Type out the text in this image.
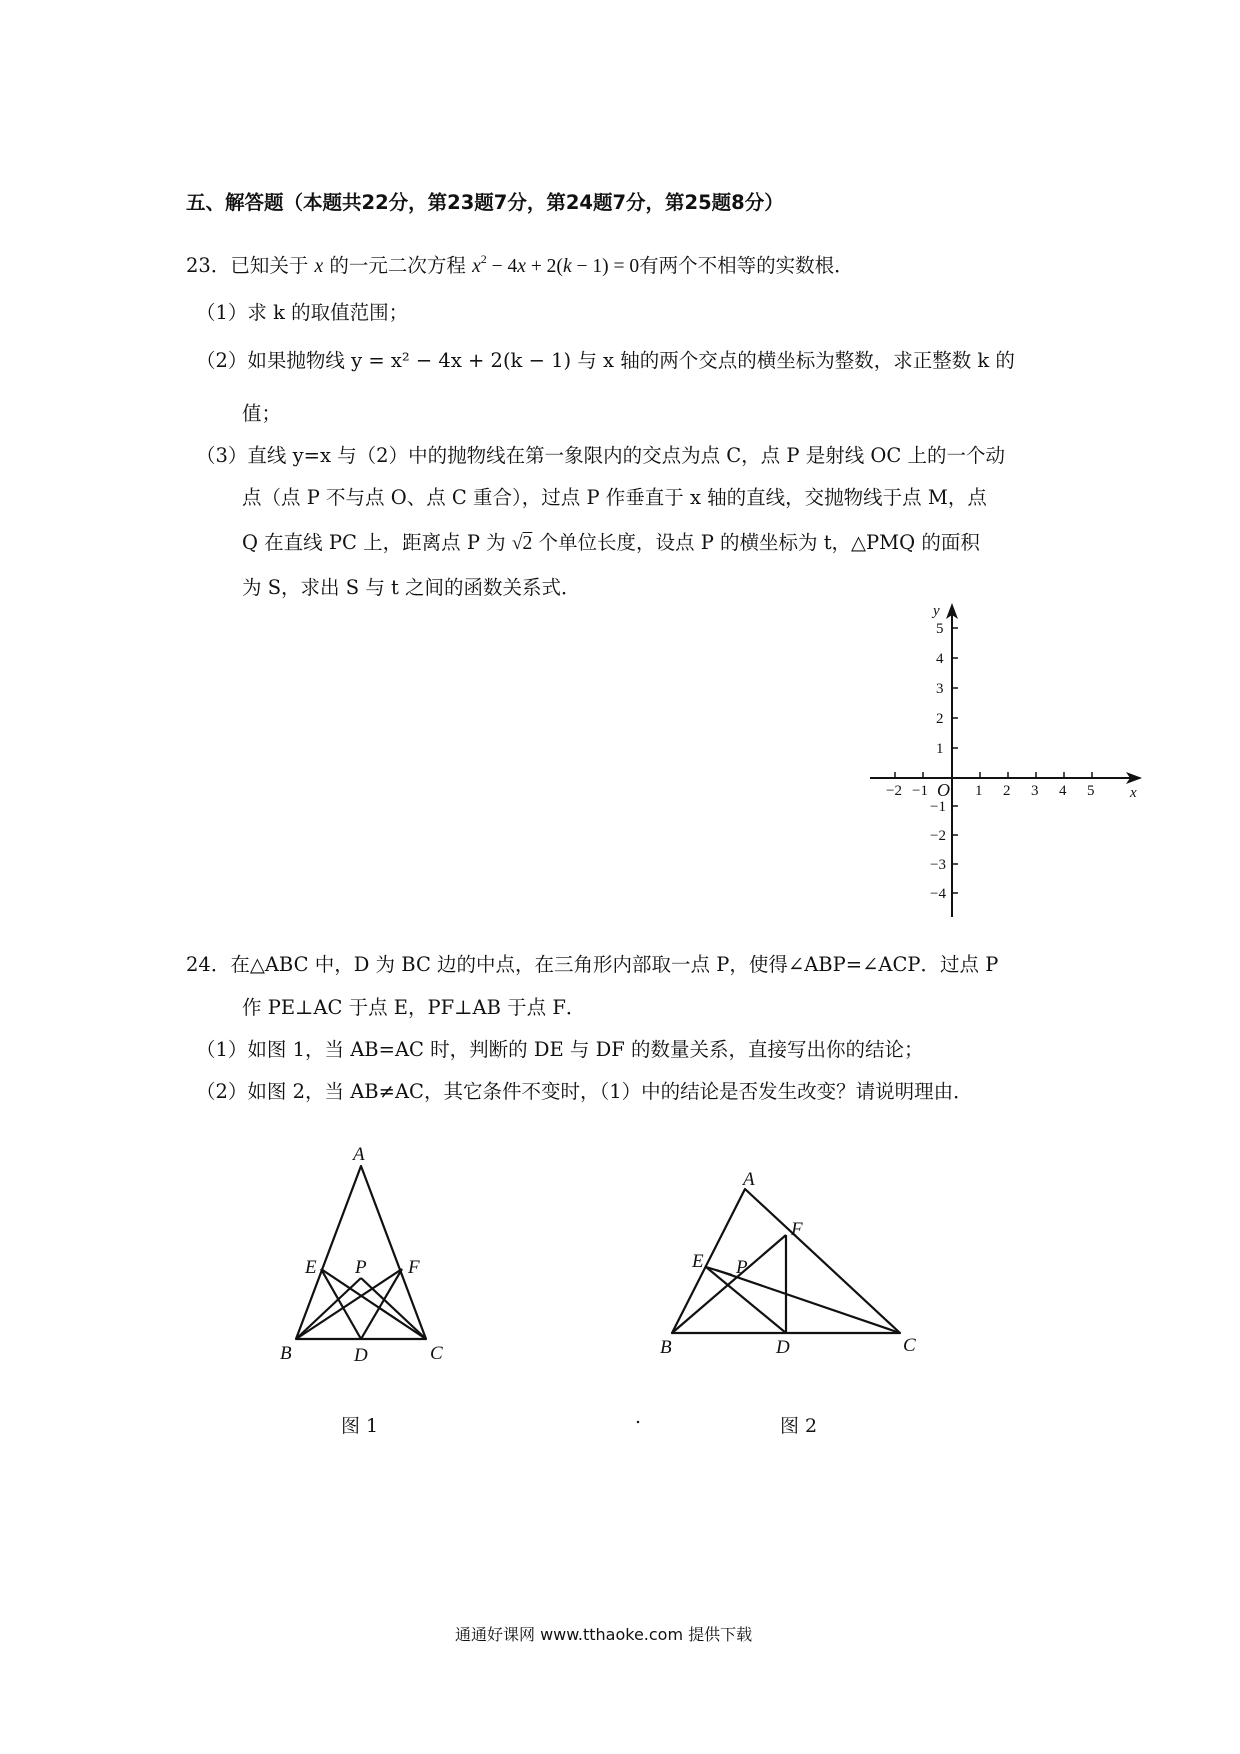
五、解答题（本题共22分，第23题7分，第24题7分，第25题8分）
23．已知关于 x 的一元二次方程 $x^2 - 4x + 2(k - 1) = 0$有两个不相等的实数根．
（1）求 k 的取值范围；
（2）如果抛物线 y = x² − 4x + 2(k − 1) 与 x 轴的两个交点的横坐标为整数，求正整数 k 的
值；
（3）直线 y=x 与（2）中的抛物线在第一象限内的交点为点 C，点 P 是射线 OC 上的一个动
点（点 P 不与点 O、点 C 重合），过点 P 作垂直于 x 轴的直线，交抛物线于点 M，点
Q 在直线 PC 上，距离点 P 为 √2 个单位长度，设点 P 的横坐标为 t，△PMQ 的面积
为 S，求出 S 与 t 之间的函数关系式．
y
x
O
−2 −1	1 2 3 4 5
5
4
3
2
1
−1
−2
−3
−4
24．在△ABC 中，D 为 BC 边的中点，在三角形内部取一点 P，使得∠ABP=∠ACP．过点 P
作 PE⊥AC 于点 E，PF⊥AB 于点 F．
（1）如图 1，当 AB=AC 时，判断的 DE 与 DF 的数量关系，直接写出你的结论；
（2）如图 2，当 AB≠AC，其它条件不变时，（1）中的结论是否发生改变？请说明理由．
A
E P F
B	D	C
图 1	.
A
F
E P
B	D	C
图 2
通通好课网 www.tthaoke.com 提供下载
